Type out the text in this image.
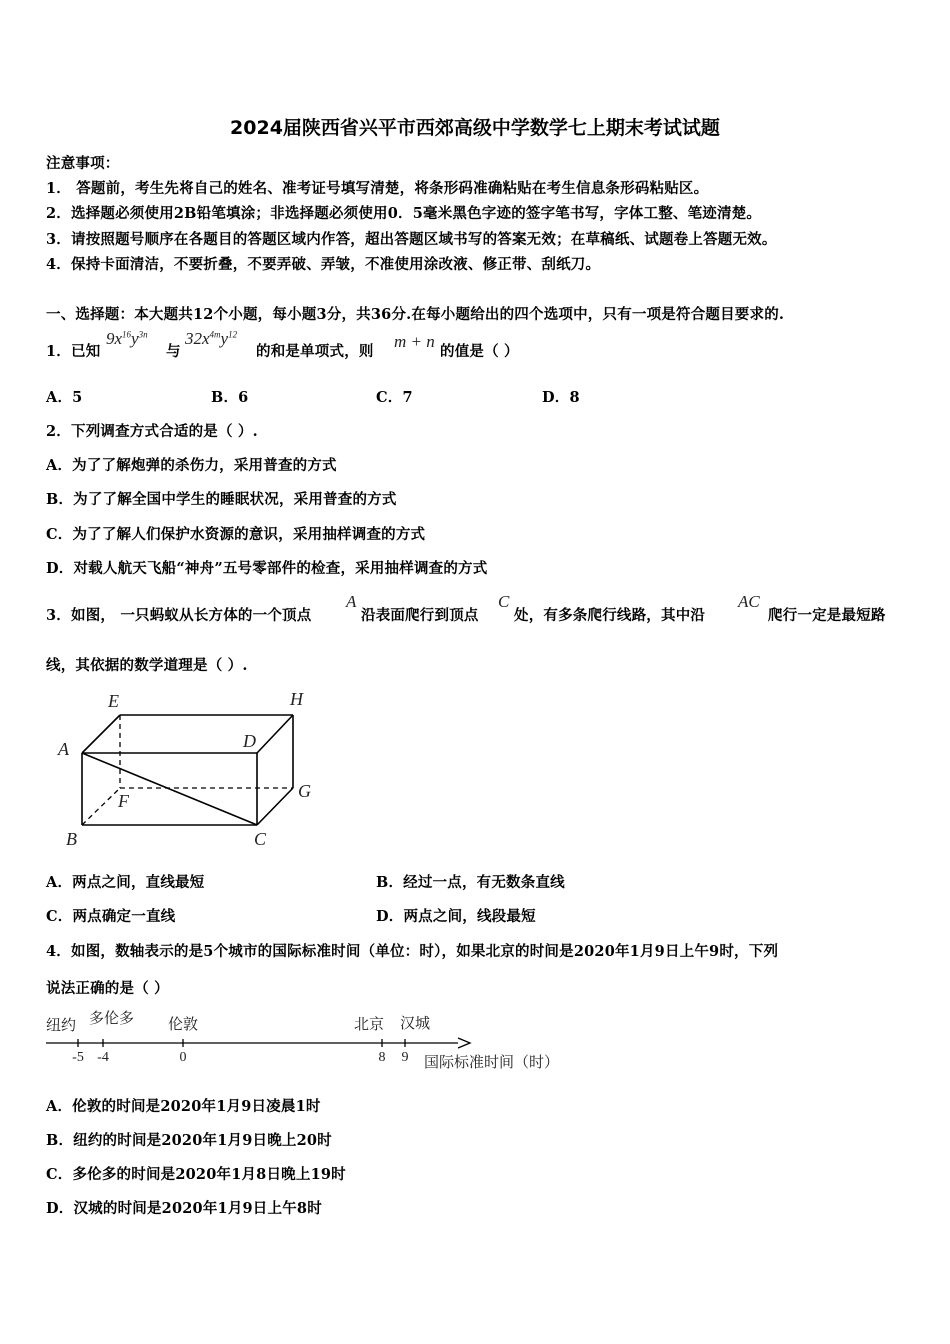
2024届陕西省兴平市西郊高级中学数学七上期末考试试题
注意事项：
1． 答题前，考生先将自己的姓名、准考证号填写清楚，将条形码准确粘贴在考生信息条形码粘贴区。
2．选择题必须使用2B铅笔填涂；非选择题必须使用0．5毫米黑色字迹的签字笔书写，字体工整、笔迹清楚。
3．请按照题号顺序在各题目的答题区域内作答，超出答题区域书写的答案无效；在草稿纸、试题卷上答题无效。
4．保持卡面清洁，不要折叠，不要弄破、弄皱，不准使用涂改液、修正带、刮纸刀。
一、选择题：本大题共12个小题，每小题3分，共36分.在每小题给出的四个选项中，只有一项是符合题目要求的.
1．已知
$9x^{16}y^{3n}$
与
$32x^{4m}y^{12}$
的和是单项式，则
m + n
的值是（ ）
A．5	B．6	C．7	D．8
2．下列调查方式合适的是（ ）.
A．为了了解炮弹的杀伤力，采用普查的方式
B．为了了解全国中学生的睡眠状况，采用普查的方式
C．为了了解人们保护水资源的意识，采用抽样调查的方式
D．对载人航天飞船“神舟”五号零部件的检查，采用抽样调查的方式
3．如图， 一只蚂蚁从长方体的一个顶点
A
沿表面爬行到顶点
C
处，有多条爬行线路，其中沿
AC
爬行一定是最短路
线，其依据的数学道理是（ ）.
E	H
A	D
G
F
B	C
A．两点之间，直线最短	B．经过一点，有无数条直线
C．两点确定一直线	D．两点之间，线段最短
4．如图，数轴表示的是5个城市的国际标准时间（单位：时），如果北京的时间是2020年1月9日上午9时，下列
说法正确的是（ ）
纽约 多伦多 伦敦	北京 汉城
-5 -4	0	8 9 国际标准时间（时）
A．伦敦的时间是2020年1月9日凌晨1时
B．纽约的时间是2020年1月9日晚上20时
C．多伦多的时间是2020年1月8日晚上19时
D．汉城的时间是2020年1月9日上午8时
